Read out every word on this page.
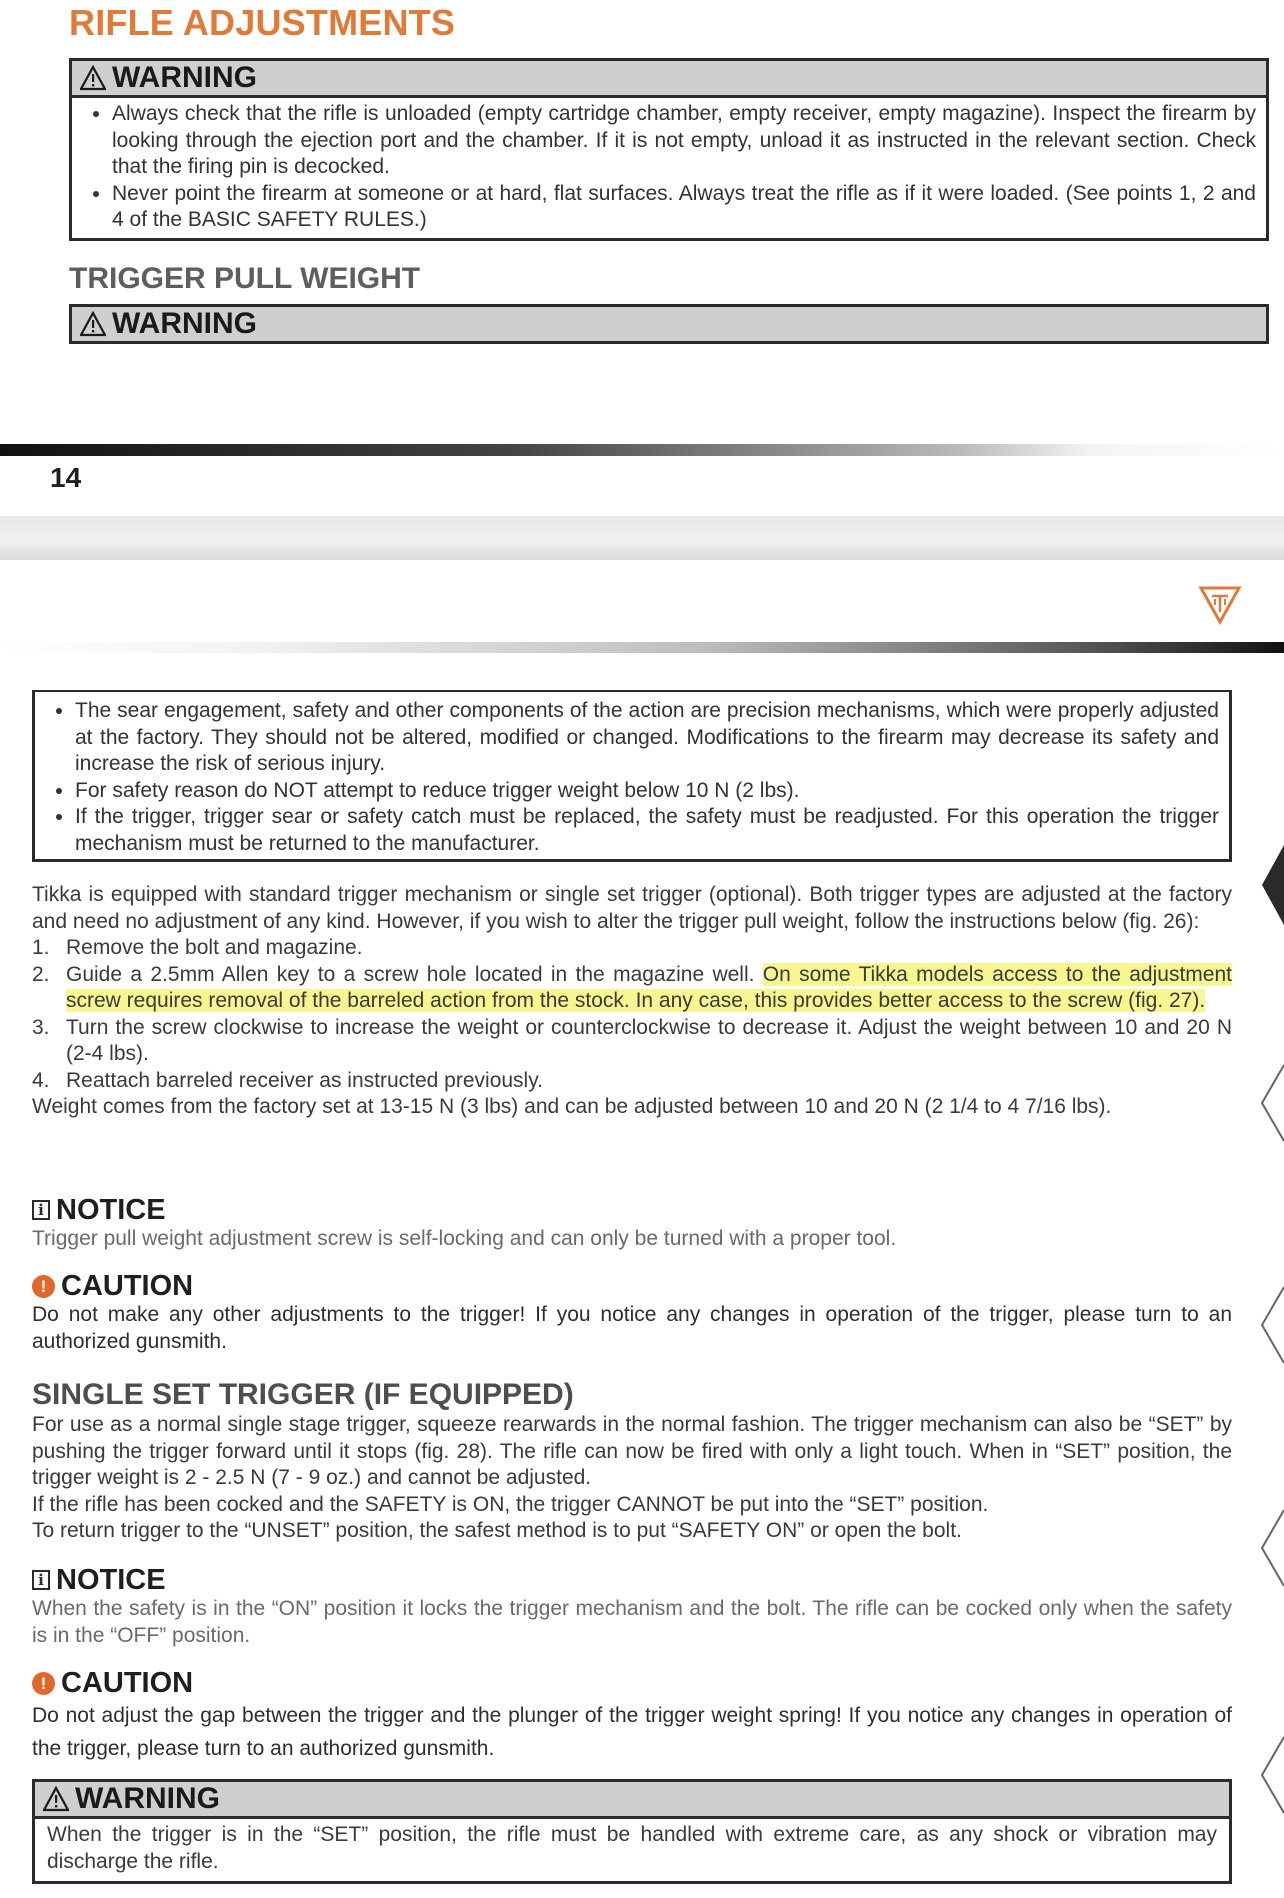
RIFLE ADJUSTMENTS
WARNING
• Always check that the rifle is unloaded (empty cartridge chamber, empty receiver, empty magazine). Inspect the firearm by looking through the ejection port and the chamber. If it is not empty, unload it as instructed in the relevant section. Check that the firing pin is decocked.
• Never point the firearm at someone or at hard, flat surfaces. Always treat the rifle as if it were loaded. (See points 1, 2 and 4 of the BASIC SAFETY RULES.)
TRIGGER PULL WEIGHT
WARNING
14
• The sear engagement, safety and other components of the action are precision mechanisms, which were properly adjusted at the factory. They should not be altered, modified or changed. Modifications to the firearm may decrease its safety and increase the risk of serious injury.
• For safety reason do NOT attempt to reduce trigger weight below 10 N (2 lbs).
• If the trigger, trigger sear or safety catch must be replaced, the safety must be readjusted. For this operation the trigger mechanism must be returned to the manufacturer.
Tikka is equipped with standard trigger mechanism or single set trigger (optional). Both trigger types are adjusted at the factory and need no adjustment of any kind. However, if you wish to alter the trigger pull weight, follow the instructions below (fig. 26):
1. Remove the bolt and magazine.
2. Guide a 2.5mm Allen key to a screw hole located in the magazine well. On some Tikka models access to the adjustment screw requires removal of the barreled action from the stock. In any case, this provides better access to the screw (fig. 27).
3. Turn the screw clockwise to increase the weight or counterclockwise to decrease it. Adjust the weight between 10 and 20 N (2-4 lbs).
4. Reattach barreled receiver as instructed previously.
Weight comes from the factory set at 13-15 N (3 lbs) and can be adjusted between 10 and 20 N (2 1/4 to 4 7/16 lbs).
i NOTICE
Trigger pull weight adjustment screw is self-locking and can only be turned with a proper tool.
! CAUTION
Do not make any other adjustments to the trigger! If you notice any changes in operation of the trigger, please turn to an authorized gunsmith.
SINGLE SET TRIGGER (IF EQUIPPED)
For use as a normal single stage trigger, squeeze rearwards in the normal fashion. The trigger mechanism can also be “SET” by pushing the trigger forward until it stops (fig. 28). The rifle can now be fired with only a light touch. When in “SET” position, the trigger weight is 2 - 2.5 N (7 - 9 oz.) and cannot be adjusted.
If the rifle has been cocked and the SAFETY is ON, the trigger CANNOT be put into the “SET” position.
To return trigger to the “UNSET” position, the safest method is to put “SAFETY ON” or open the bolt.
i NOTICE
When the safety is in the “ON” position it locks the trigger mechanism and the bolt. The rifle can be cocked only when the safety is in the “OFF” position.
! CAUTION
Do not adjust the gap between the trigger and the plunger of the trigger weight spring! If you notice any changes in operation of the trigger, please turn to an authorized gunsmith.
WARNING
When the trigger is in the “SET” position, the rifle must be handled with extreme care, as any shock or vibration may discharge the rifle.
